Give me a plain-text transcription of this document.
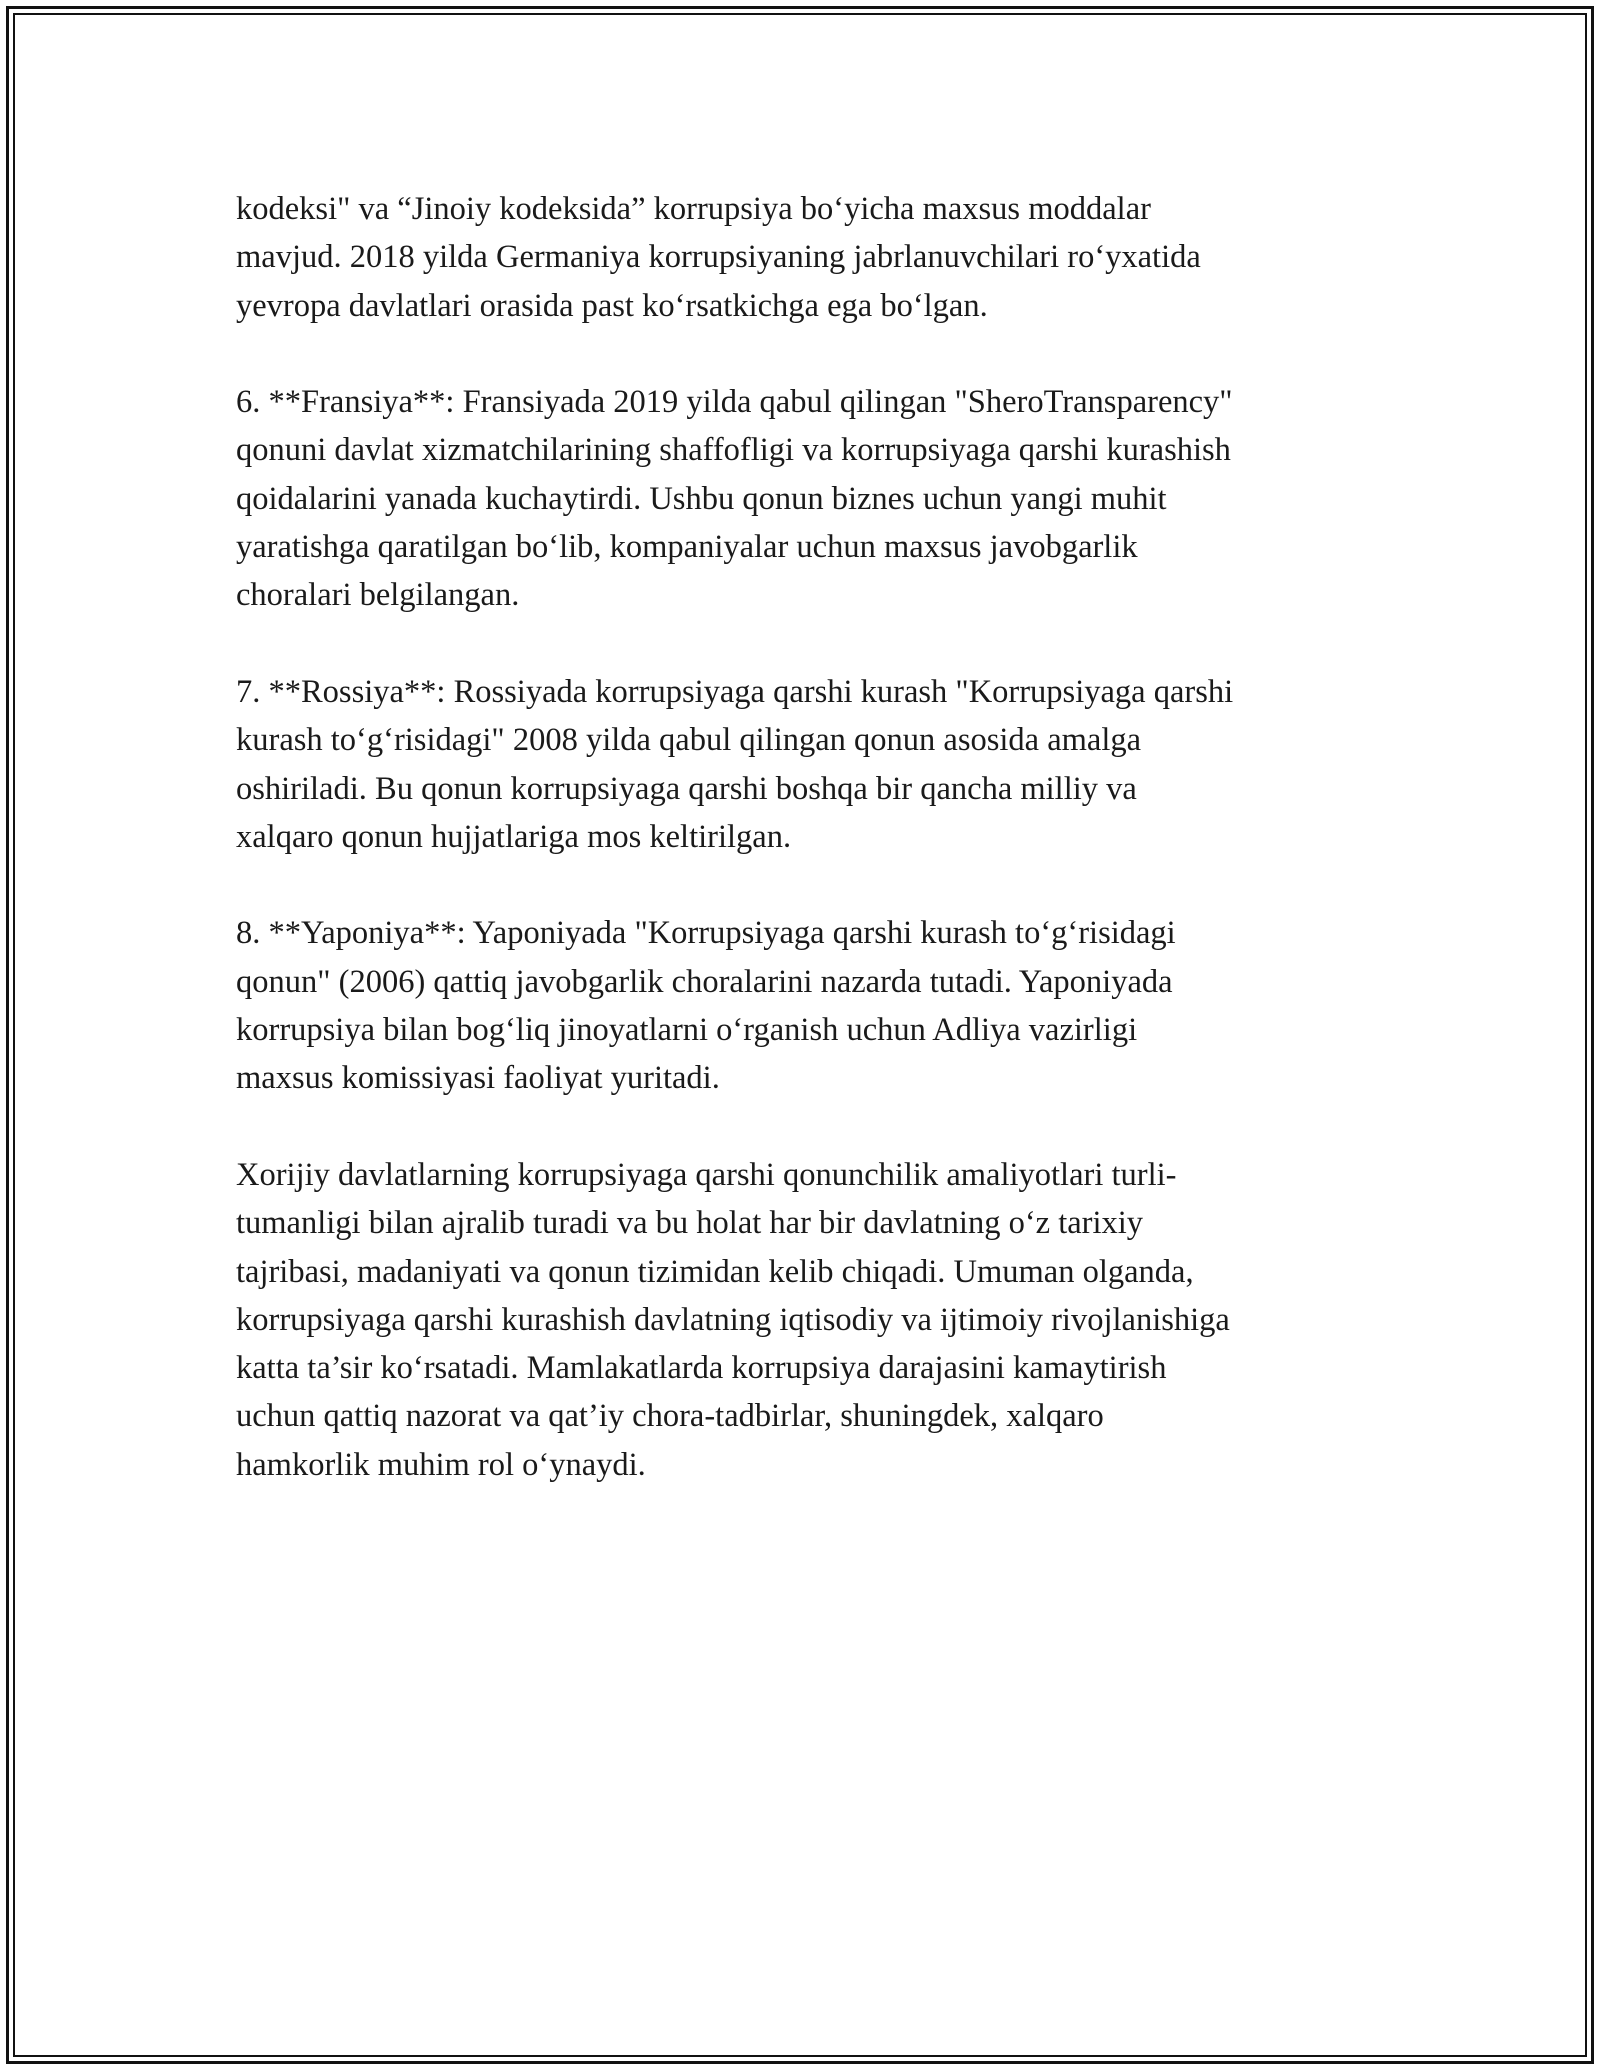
kodeksi" va “Jinoiy kodeksida” korrupsiya bo‘yicha maxsus moddalar
mavjud. 2018 yilda Germaniya korrupsiyaning jabrlanuvchilari ro‘yxatida
yevropa davlatlari orasida past ko‘rsatkichga ega bo‘lgan.

6. **Fransiya**: Fransiyada 2019 yilda qabul qilingan "SheroTransparency"
qonuni davlat xizmatchilarining shaffofligi va korrupsiyaga qarshi kurashish
qoidalarini yanada kuchaytirdi. Ushbu qonun biznes uchun yangi muhit
yaratishga qaratilgan bo‘lib, kompaniyalar uchun maxsus javobgarlik
choralari belgilangan.

7. **Rossiya**: Rossiyada korrupsiyaga qarshi kurash "Korrupsiyaga qarshi
kurash to‘g‘risidagi" 2008 yilda qabul qilingan qonun asosida amalga
oshiriladi. Bu qonun korrupsiyaga qarshi boshqa bir qancha milliy va
xalqaro qonun hujjatlariga mos keltirilgan.

8. **Yaponiya**: Yaponiyada "Korrupsiyaga qarshi kurash to‘g‘risidagi
qonun" (2006) qattiq javobgarlik choralarini nazarda tutadi. Yaponiyada
korrupsiya bilan bog‘liq jinoyatlarni o‘rganish uchun Adliya vazirligi
maxsus komissiyasi faoliyat yuritadi.

Xorijiy davlatlarning korrupsiyaga qarshi qonunchilik amaliyotlari turli-
tumanligi bilan ajralib turadi va bu holat har bir davlatning o‘z tarixiy
tajribasi, madaniyati va qonun tizimidan kelib chiqadi. Umuman olganda,
korrupsiyaga qarshi kurashish davlatning iqtisodiy va ijtimoiy rivojlanishiga
katta ta’sir ko‘rsatadi. Mamlakatlarda korrupsiya darajasini kamaytirish
uchun qattiq nazorat va qat’iy chora-tadbirlar, shuningdek, xalqaro
hamkorlik muhim rol o‘ynaydi.
